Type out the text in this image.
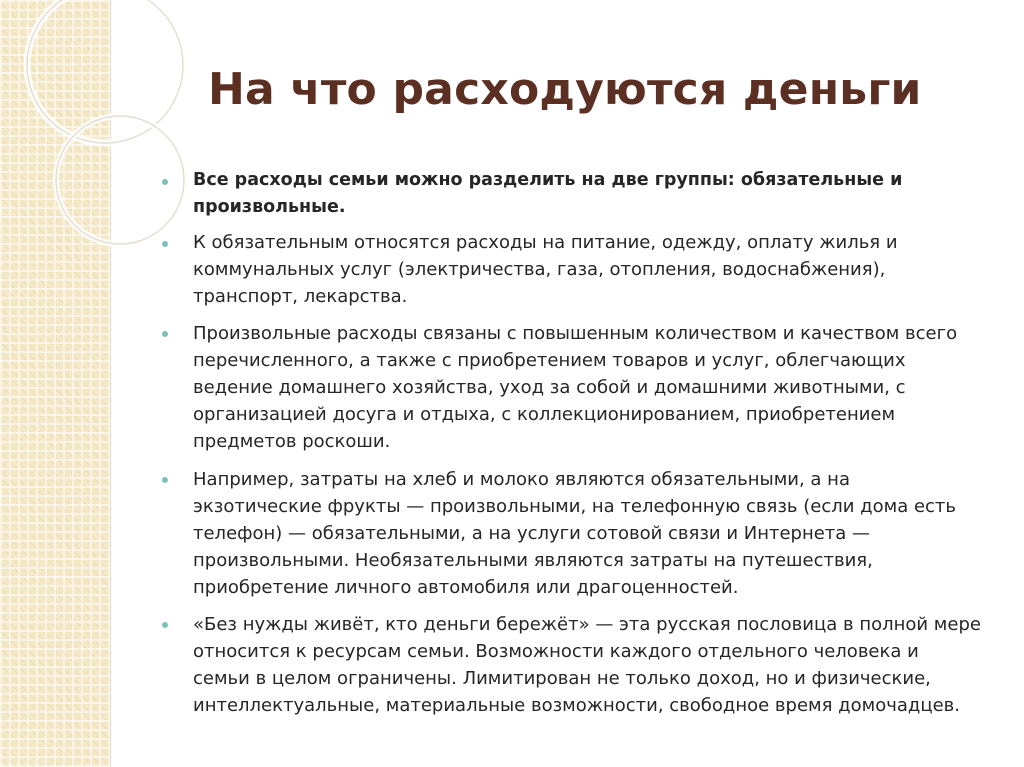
На что расходуются деньги
Все расходы семьи можно разделить на две группы: обязательные и
произвольные.
К обязательным относятся расходы на питание, одежду, оплату жилья и
коммунальных услуг (электричества, газа, отопления, водоснабжения),
транспорт, лекарства.
Произвольные расходы связаны с повышенным количеством и качеством всего
перечисленного, а также с приобретением товаров и услуг, облегчающих
ведение домашнего хозяйства, уход за собой и домашними животными, с
организацией досуга и отдыха, с коллекционированием, приобретением
предметов роскоши.
Например, затраты на хлеб и молоко являются обязательными, а на
экзотические фрукты — произвольными, на телефонную связь (если дома есть
телефон) — обязательными, а на услуги сотовой связи и Интернета —
произвольными. Необязательными являются затраты на путешествия,
приобретение личного автомобиля или драгоценностей.
«Без нужды живёт, кто деньги бережёт» — эта русская пословица в полной мере
относится к ресурсам семьи. Возможности каждого отдельного человека и
семьи в целом ограничены. Лимитирован не только доход, но и физические,
интеллектуальные, материальные возможности, свободное время домочадцев.
